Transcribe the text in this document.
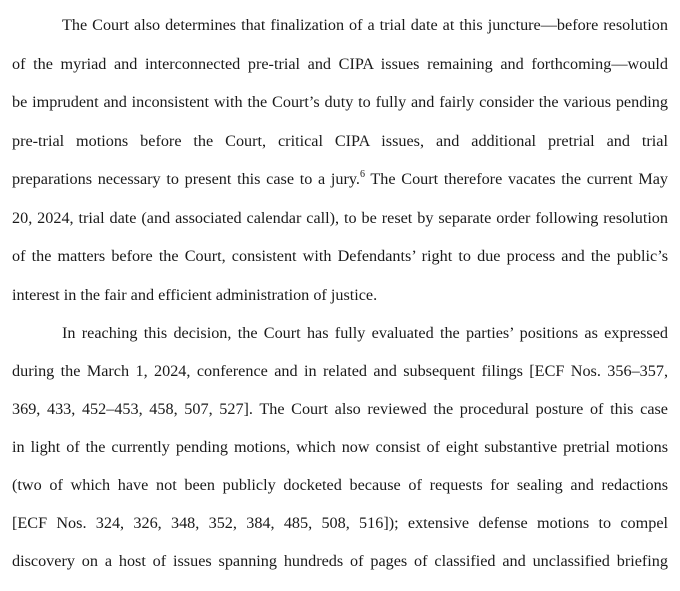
The Court also determines that finalization of a trial date at this juncture—before resolution
of the myriad and interconnected pre-trial and CIPA issues remaining and forthcoming—would
be imprudent and inconsistent with the Court’s duty to fully and fairly consider the various pending
pre-trial motions before the Court, critical CIPA issues, and additional pretrial and trial
preparations necessary to present this case to a jury.$^6$ The Court therefore vacates the current May
20, 2024, trial date (and associated calendar call), to be reset by separate order following resolution
of the matters before the Court, consistent with Defendants’ right to due process and the public’s
interest in the fair and efficient administration of justice.
In reaching this decision, the Court has fully evaluated the parties’ positions as expressed
during the March 1, 2024, conference and in related and subsequent filings [ECF Nos. 356–357,
369, 433, 452–453, 458, 507, 527]. The Court also reviewed the procedural posture of this case
in light of the currently pending motions, which now consist of eight substantive pretrial motions
(two of which have not been publicly docketed because of requests for sealing and redactions
[ECF Nos. 324, 326, 348, 352, 384, 485, 508, 516]); extensive defense motions to compel
discovery on a host of issues spanning hundreds of pages of classified and unclassified briefing
